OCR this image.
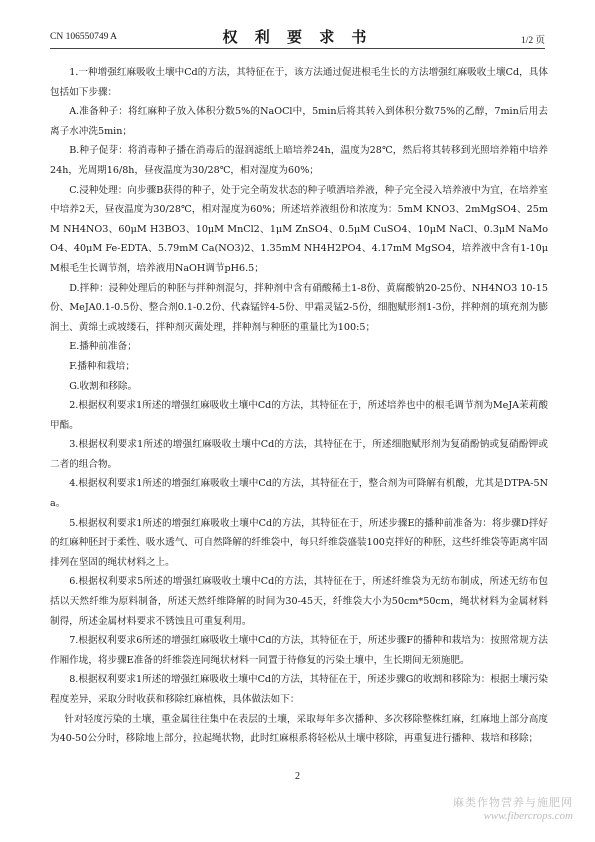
CN 106550749 A	权 利 要 求 书	1/2 页

1.一种增强红麻吸收土壤中Cd的方法，其特征在于，该方法通过促进根毛生长的方法增强红麻吸收土壤Cd，具体包括如下步骤：

A.准备种子：将红麻种子放入体积分数5%的NaOCl中，5min后将其转入到体积分数75%的乙醇，7min后用去离子水冲洗5min；

B.种子促芽：将消毒种子播在消毒后的湿润滤纸上暗培养24h，温度为28℃，然后将其转移到光照培养箱中培养24h，光周期16/8h，昼夜温度为30/28℃，相对湿度为60%；

C.浸种处理：向步骤B获得的种子，处于完全萌发状态的种子喷洒培养液，种子完全浸入培养液中为宜，在培养室中培养2天，昼夜温度为30/28℃，相对湿度为60%；所述培养液组份和浓度为：5mM KNO3、2mMgSO4、25mM NH4NO3、60μM H3BO3、10μM MnCl2、1μM ZnSO4、0.5μM CuSO4、10μM NaCl、0.3μM NaMoO4、40μM Fe-EDTA、5.79mM Ca(NO3)2、1.35mM NH4H2PO4、4.17mM MgSO4，培养液中含有1-10μM根毛生长调节剂，培养液用NaOH调节pH6.5；

D.拌种：浸种处理后的种胚与拌种剂混匀，拌种剂中含有硝酸稀土1-8份、黄腐酸钠20-25份、NH4NO3 10-15份、MeJA0.1-0.5份、整合剂0.1-0.2份、代森锰锌4-5份、甲霜灵锰2-5份，细胞赋形剂1-3份，拌种剂的填充剂为膨润土、黄绵土或坡缕石，拌种剂灭菌处理，拌种剂与种胚的重量比为100:5；

E.播种前准备；

F.播种和栽培；

G.收割和移除。

2.根据权利要求1所述的增强红麻吸收土壤中Cd的方法，其特征在于，所述培养也中的根毛调节剂为MeJA茉莉酸甲酯。

3.根据权利要求1所述的增强红麻吸收土壤中Cd的方法，其特征在于，所述细胞赋形剂为复硝酚钠或复硝酚钾或二者的组合物。

4.根据权利要求1所述的增强红麻吸收土壤中Cd的方法，其特征在于，整合剂为可降解有机酸，尤其是DTPA-5Na。

5.根据权利要求1所述的增强红麻吸收土壤中Cd的方法，其特征在于，所述步骤E的播种前准备为：将步骤D拌好的红麻种胚封于柔性、吸水透气、可自然降解的纤维袋中，每只纤维袋盛装100克拌好的种胚，这些纤维袋等距离牢固排列在坚固的绳状材料之上。

6.根据权利要求5所述的增强红麻吸收土壤中Cd的方法，其特征在于，所述纤维袋为无纺布制成，所述无纺布包括以天然纤维为原料制备，所述天然纤维降解的时间为30-45天，纤维袋大小为50cm*50cm，绳状材料为金属材料制得，所述金属材料要求不锈蚀且可重复利用。

7.根据权利要求6所述的增强红麻吸收土壤中Cd的方法，其特征在于，所述步骤F的播种和栽培为：按照常规方法作厢作垅，将步骤E准备的纤维袋连同绳状材料一同置于待修复的污染土壤中，生长期间无须施肥。

8.根据权利要求1所述的增强红麻吸收土壤中Cd的方法，其特征在于，所述步骤G的收割和移除为：根据土壤污染程度差异，采取分时收获和移除红麻植株，具体做法如下：

针对轻度污染的土壤，重金属往往集中在表层的土壤，采取每年多次播种、多次移除整株红麻，红麻地上部分高度为40-50公分时，移除地上部分，拉起绳状物，此时红麻根系将轻松从土壤中移除，再重复进行播种、栽培和移除；

2
麻类作物营养与施肥网
www.fibercrops.com
